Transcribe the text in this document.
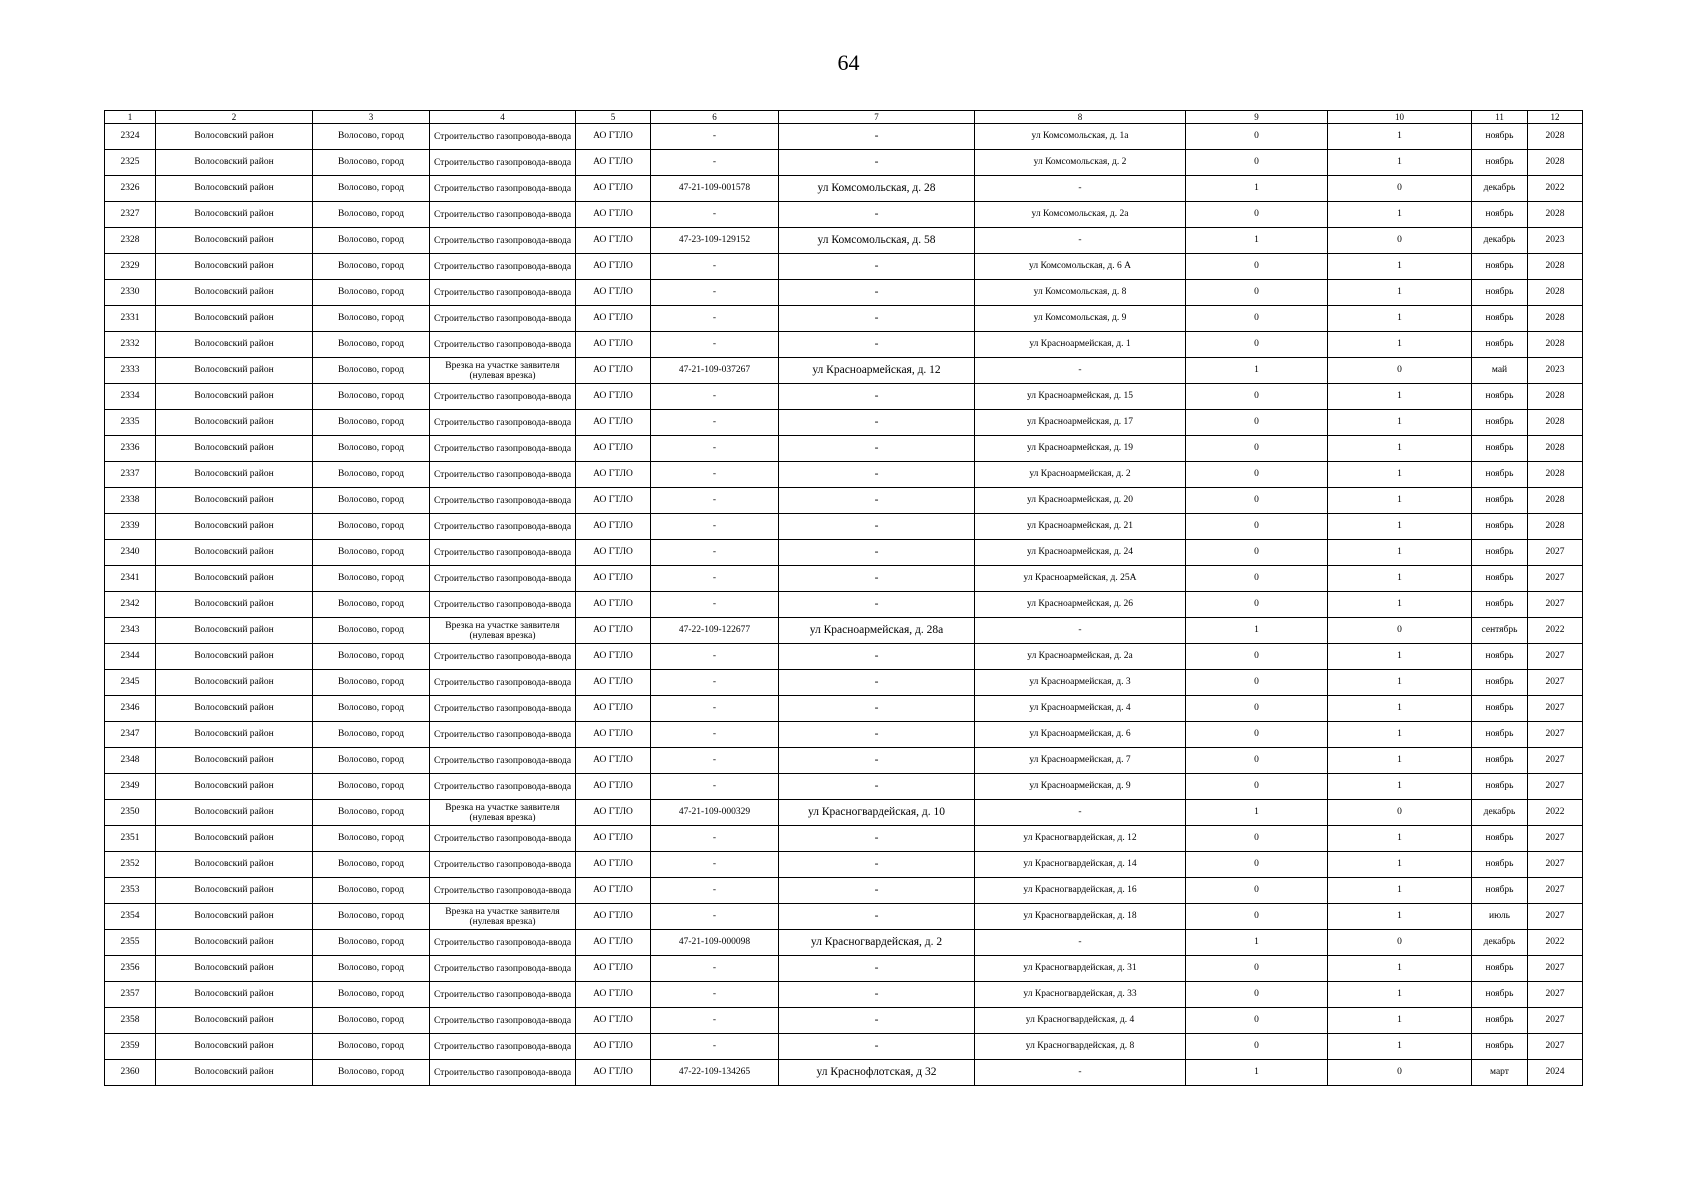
64
1	2	3	4	5	6	7	8	9	10	11	12
2324	Волосовский район	Волосово, город	Строительство газопровода-ввода	АО ГТЛО	-	-	ул Комсомольская, д. 1а	0	1	ноябрь	2028
2325	Волосовский район	Волосово, город	Строительство газопровода-ввода	АО ГТЛО	-	-	ул Комсомольская, д. 2	0	1	ноябрь	2028
2326	Волосовский район	Волосово, город	Строительство газопровода-ввода	АО ГТЛО	47-21-109-001578	ул Комсомольская, д. 28	-	1	0	декабрь	2022
2327	Волосовский район	Волосово, город	Строительство газопровода-ввода	АО ГТЛО	-	-	ул Комсомольская, д. 2а	0	1	ноябрь	2028
2328	Волосовский район	Волосово, город	Строительство газопровода-ввода	АО ГТЛО	47-23-109-129152	ул Комсомольская, д. 58	-	1	0	декабрь	2023
2329	Волосовский район	Волосово, город	Строительство газопровода-ввода	АО ГТЛО	-	-	ул Комсомольская, д. 6 А	0	1	ноябрь	2028
2330	Волосовский район	Волосово, город	Строительство газопровода-ввода	АО ГТЛО	-	-	ул Комсомольская, д. 8	0	1	ноябрь	2028
2331	Волосовский район	Волосово, город	Строительство газопровода-ввода	АО ГТЛО	-	-	ул Комсомольская, д. 9	0	1	ноябрь	2028
2332	Волосовский район	Волосово, город	Строительство газопровода-ввода	АО ГТЛО	-	-	ул Красноармейская, д. 1	0	1	ноябрь	2028
2333	Волосовский район	Волосово, город	Врезка на участке заявителя (нулевая врезка)	АО ГТЛО	47-21-109-037267	ул Красноармейская, д. 12	-	1	0	май	2023
2334	Волосовский район	Волосово, город	Строительство газопровода-ввода	АО ГТЛО	-	-	ул Красноармейская, д. 15	0	1	ноябрь	2028
2335	Волосовский район	Волосово, город	Строительство газопровода-ввода	АО ГТЛО	-	-	ул Красноармейская, д. 17	0	1	ноябрь	2028
2336	Волосовский район	Волосово, город	Строительство газопровода-ввода	АО ГТЛО	-	-	ул Красноармейская, д. 19	0	1	ноябрь	2028
2337	Волосовский район	Волосово, город	Строительство газопровода-ввода	АО ГТЛО	-	-	ул Красноармейская, д. 2	0	1	ноябрь	2028
2338	Волосовский район	Волосово, город	Строительство газопровода-ввода	АО ГТЛО	-	-	ул Красноармейская, д. 20	0	1	ноябрь	2028
2339	Волосовский район	Волосово, город	Строительство газопровода-ввода	АО ГТЛО	-	-	ул Красноармейская, д. 21	0	1	ноябрь	2028
2340	Волосовский район	Волосово, город	Строительство газопровода-ввода	АО ГТЛО	-	-	ул Красноармейская, д. 24	0	1	ноябрь	2027
2341	Волосовский район	Волосово, город	Строительство газопровода-ввода	АО ГТЛО	-	-	ул Красноармейская, д. 25А	0	1	ноябрь	2027
2342	Волосовский район	Волосово, город	Строительство газопровода-ввода	АО ГТЛО	-	-	ул Красноармейская, д. 26	0	1	ноябрь	2027
2343	Волосовский район	Волосово, город	Врезка на участке заявителя (нулевая врезка)	АО ГТЛО	47-22-109-122677	ул Красноармейская, д. 28а	-	1	0	сентябрь	2022
2344	Волосовский район	Волосово, город	Строительство газопровода-ввода	АО ГТЛО	-	-	ул Красноармейская, д. 2а	0	1	ноябрь	2027
2345	Волосовский район	Волосово, город	Строительство газопровода-ввода	АО ГТЛО	-	-	ул Красноармейская, д. 3	0	1	ноябрь	2027
2346	Волосовский район	Волосово, город	Строительство газопровода-ввода	АО ГТЛО	-	-	ул Красноармейская, д. 4	0	1	ноябрь	2027
2347	Волосовский район	Волосово, город	Строительство газопровода-ввода	АО ГТЛО	-	-	ул Красноармейская, д. 6	0	1	ноябрь	2027
2348	Волосовский район	Волосово, город	Строительство газопровода-ввода	АО ГТЛО	-	-	ул Красноармейская, д. 7	0	1	ноябрь	2027
2349	Волосовский район	Волосово, город	Строительство газопровода-ввода	АО ГТЛО	-	-	ул Красноармейская, д. 9	0	1	ноябрь	2027
2350	Волосовский район	Волосово, город	Врезка на участке заявителя (нулевая врезка)	АО ГТЛО	47-21-109-000329	ул Красногвардейская, д. 10	-	1	0	декабрь	2022
2351	Волосовский район	Волосово, город	Строительство газопровода-ввода	АО ГТЛО	-	-	ул Красногвардейская, д. 12	0	1	ноябрь	2027
2352	Волосовский район	Волосово, город	Строительство газопровода-ввода	АО ГТЛО	-	-	ул Красногвардейская, д. 14	0	1	ноябрь	2027
2353	Волосовский район	Волосово, город	Строительство газопровода-ввода	АО ГТЛО	-	-	ул Красногвардейская, д. 16	0	1	ноябрь	2027
2354	Волосовский район	Волосово, город	Врезка на участке заявителя (нулевая врезка)	АО ГТЛО	-	-	ул Красногвардейская, д. 18	0	1	июль	2027
2355	Волосовский район	Волосово, город	Строительство газопровода-ввода	АО ГТЛО	47-21-109-000098	ул Красногвардейская, д. 2	-	1	0	декабрь	2022
2356	Волосовский район	Волосово, город	Строительство газопровода-ввода	АО ГТЛО	-	-	ул Красногвардейская, д. 31	0	1	ноябрь	2027
2357	Волосовский район	Волосово, город	Строительство газопровода-ввода	АО ГТЛО	-	-	ул Красногвардейская, д. 33	0	1	ноябрь	2027
2358	Волосовский район	Волосово, город	Строительство газопровода-ввода	АО ГТЛО	-	-	ул Красногвардейская, д. 4	0	1	ноябрь	2027
2359	Волосовский район	Волосово, город	Строительство газопровода-ввода	АО ГТЛО	-	-	ул Красногвардейская, д. 8	0	1	ноябрь	2027
2360	Волосовский район	Волосово, город	Строительство газопровода-ввода	АО ГТЛО	47-22-109-134265	ул Краснофлотская, д 32	-	1	0	март	2024
